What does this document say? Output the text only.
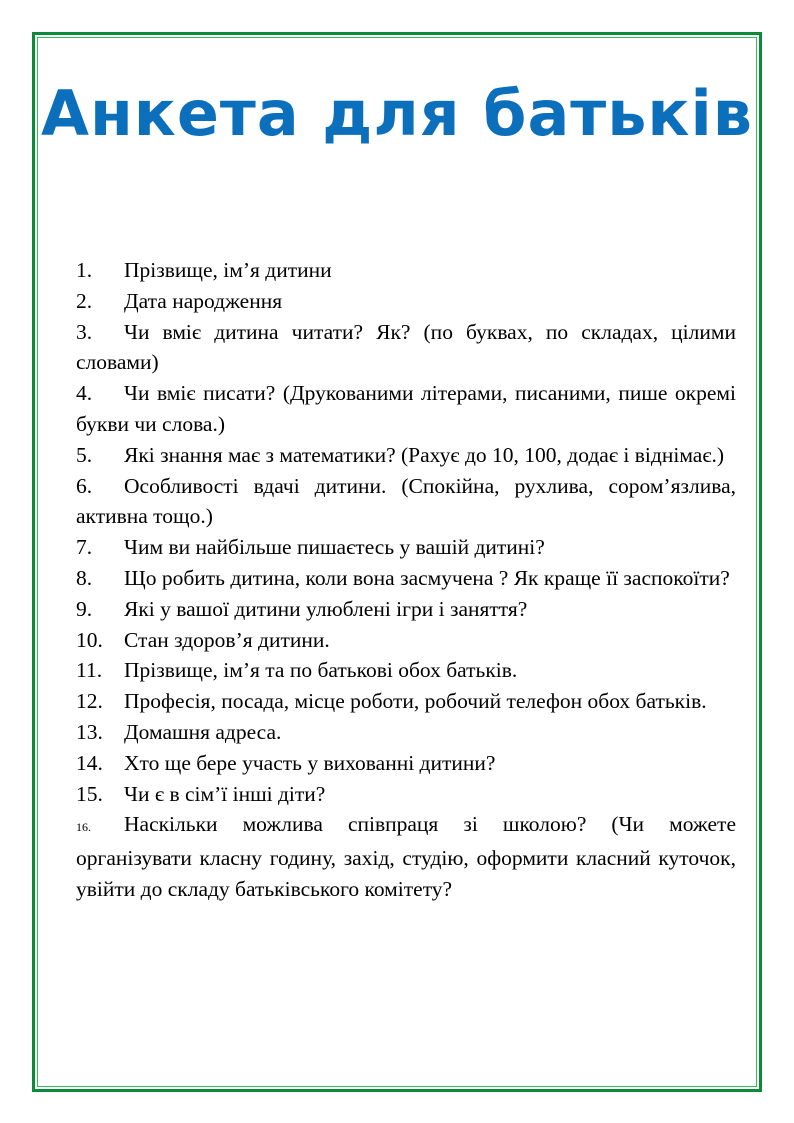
Анкета для батьків
1. Прізвище, ім’я дитини
2. Дата народження
3. Чи вміє дитина читати? Як? (по буквах, по складах, цілими словами)
4. Чи вміє писати? (Друкованими літерами, писаними, пише окремі букви чи слова.)
5. Які знання має з математики? (Рахує до 10, 100, додає і віднімає.)
6. Особливості вдачі дитини. (Спокійна, рухлива, сором’язлива, активна тощо.)
7. Чим ви найбільше пишаєтесь у вашій дитині?
8. Що робить дитина, коли вона засмучена ? Як краще її заспокоїти?
9. Які у вашої дитини улюблені ігри і заняття?
10. Стан здоров’я дитини.
11. Прізвище, ім’я та по батькові обох батьків.
12. Професія, посада, місце роботи, робочий телефон обох батьків.
13. Домашня адреса.
14. Хто ще бере участь у вихованні дитини?
15. Чи є в сім’ї інші діти?
16. Наскільки можлива співпраця зі школою? (Чи можете організувати класну годину, захід, студію, оформити класний куточок, увійти до складу батьківського комітету?
